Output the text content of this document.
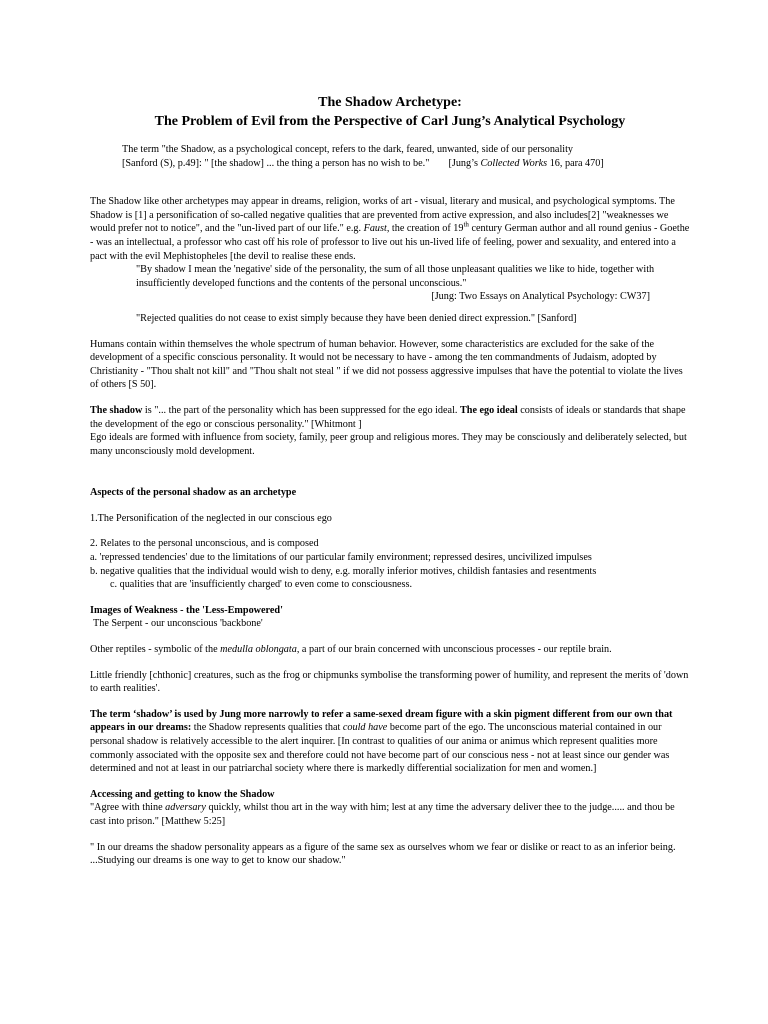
The Shadow Archetype:

The Problem of Evil from the Perspective of Carl Jung’s Analytical Psychology

The term "the Shadow, as a psychological concept, refers to the dark, feared, unwanted, side of our personality

[Sanford (S), p.49]: " [the shadow] ... the thing a person has no wish to be." [Jung’s Collected Works 16, para 470]

The Shadow like other archetypes may appear in dreams, religion, works of art - visual, literary and musical, and psychological symptoms. The Shadow is [1] a personification of so-called negative qualities that are prevented from active expression, and also includes[2] "weaknesses we would prefer not to notice", and the "un-lived part of our life." e.g. Faust, the creation of 19th century German author and all round genius - Goethe - was an intellectual, a professor who cast off his role of professor to live out his un-lived life of feeling, power and sexuality, and entered into a pact with the evil Mephistopheles [the devil to realise these ends.

"By shadow I mean the 'negative' side of the personality, the sum of all those unpleasant qualities we like to hide, together with insufficiently developed functions and the contents of the personal unconscious."

[Jung: Two Essays on Analytical Psychology: CW37]

"Rejected qualities do not cease to exist simply because they have been denied direct expression." [Sanford]

Humans contain within themselves the whole spectrum of human behavior. However, some characteristics are excluded for the sake of the development of a specific conscious personality. It would not be necessary to have - among the ten commandments of Judaism, adopted by Christianity - "Thou shalt not kill" and "Thou shalt not steal " if we did not possess aggressive impulses that have the potential to violate the lives of others [S 50].

The shadow is "... the part of the personality which has been suppressed for the ego ideal. The ego ideal consists of ideals or standards that shape the development of the ego or conscious personality." [Whitmont ]

Ego ideals are formed with influence from society, family, peer group and religious mores. They may be consciously and deliberately selected, but many unconsciously mold development.

Aspects of the personal shadow as an archetype

1.The Personification of the neglected in our conscious ego

2. Relates to the personal unconscious, and is composed

a. 'repressed tendencies' due to the limitations of our particular family environment; repressed desires, uncivilized impulses

b. negative qualities that the individual would wish to deny, e.g. morally inferior motives, childish fantasies and resentments

c. qualities that are 'insufficiently charged' to even come to consciousness.

Images of Weakness - the 'Less-Empowered'

The Serpent - our unconscious 'backbone'

Other reptiles - symbolic of the medulla oblongata, a part of our brain concerned with unconscious processes - our reptile brain.

Little friendly [chthonic] creatures, such as the frog or chipmunks symbolise the transforming power of humility, and represent the merits of 'down to earth realities'.

The term ‘shadow’ is used by Jung more narrowly to refer a same-sexed dream figure with a skin pigment different from our own that appears in our dreams: the Shadow represents qualities that could have become part of the ego. The unconscious material contained in our personal shadow is relatively accessible to the alert inquirer. [In contrast to qualities of our anima or animus which represent qualities more commonly associated with the opposite sex and therefore could not have become part of our conscious ness - not at least since our gender was determined and not at least in our patriarchal society where there is markedly differential socialization for men and women.]

Accessing and getting to know the Shadow

"Agree with thine adversary quickly, whilst thou art in the way with him; lest at any time the adversary deliver thee to the judge..... and thou be cast into prison." [Matthew 5:25]

" In our dreams the shadow personality appears as a figure of the same sex as ourselves whom we fear or dislike or react to as an inferior being. ...Studying our dreams is one way to get to know our shadow."
